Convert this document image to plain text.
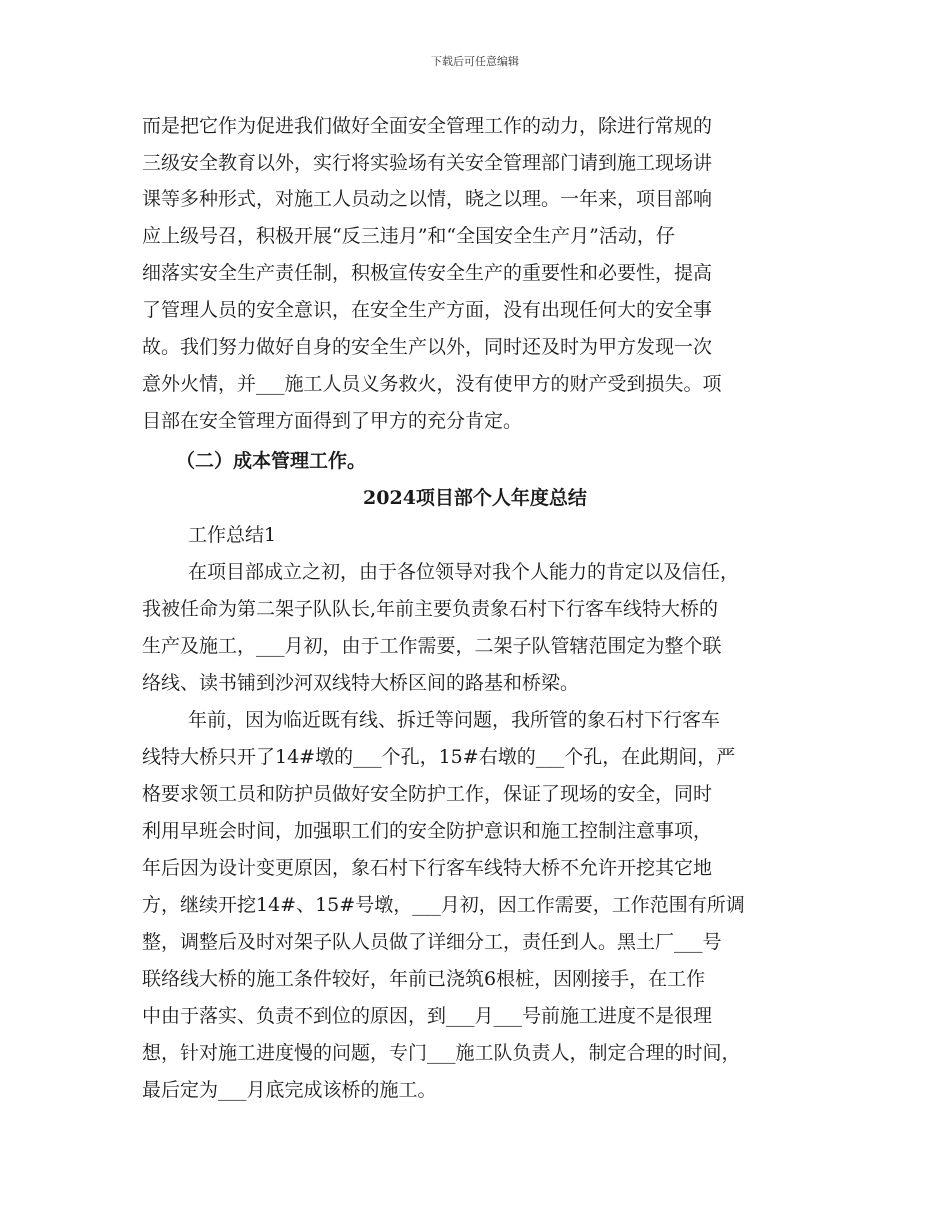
下载后可任意编辑
而是把它作为促进我们做好全面安全管理工作的动力，除进行常规的
三级安全教育以外，实行将实验场有关安全管理部门请到施工现场讲
课等多种形式，对施工人员动之以情，晓之以理。一年来，项目部响
应上级号召，积极开展“反三违月”和“全国安全生产月”活动，仔
细落实安全生产责任制，积极宣传安全生产的重要性和必要性，提高
了管理人员的安全意识，在安全生产方面，没有出现任何大的安全事
故。我们努力做好自身的安全生产以外，同时还及时为甲方发现一次
意外火情，并___施工人员义务救火，没有使甲方的财产受到损失。项
目部在安全管理方面得到了甲方的充分肯定。
（二）成本管理工作。
2024项目部个人年度总结
工作总结1
在项目部成立之初，由于各位领导对我个人能力的肯定以及信任，
我被任命为第二架子队队长,年前主要负责象石村下行客车线特大桥的
生产及施工，___月初，由于工作需要，二架子队管辖范围定为整个联
络线、读书铺到沙河双线特大桥区间的路基和桥梁。
年前，因为临近既有线、拆迁等问题，我所管的象石村下行客车
线特大桥只开了14#墩的___个孔，15#右墩的___个孔，在此期间，严
格要求领工员和防护员做好安全防护工作，保证了现场的安全，同时
利用早班会时间，加强职工们的安全防护意识和施工控制注意事项，
年后因为设计变更原因，象石村下行客车线特大桥不允许开挖其它地
方，继续开挖14#、15#号墩，___月初，因工作需要，工作范围有所调
整，调整后及时对架子队人员做了详细分工，责任到人。黑土厂___号
联络线大桥的施工条件较好，年前已浇筑6根桩，因刚接手，在工作
中由于落实、负责不到位的原因，到___月___号前施工进度不是很理
想，针对施工进度慢的问题，专门___施工队负责人，制定合理的时间，
最后定为___月底完成该桥的施工。
